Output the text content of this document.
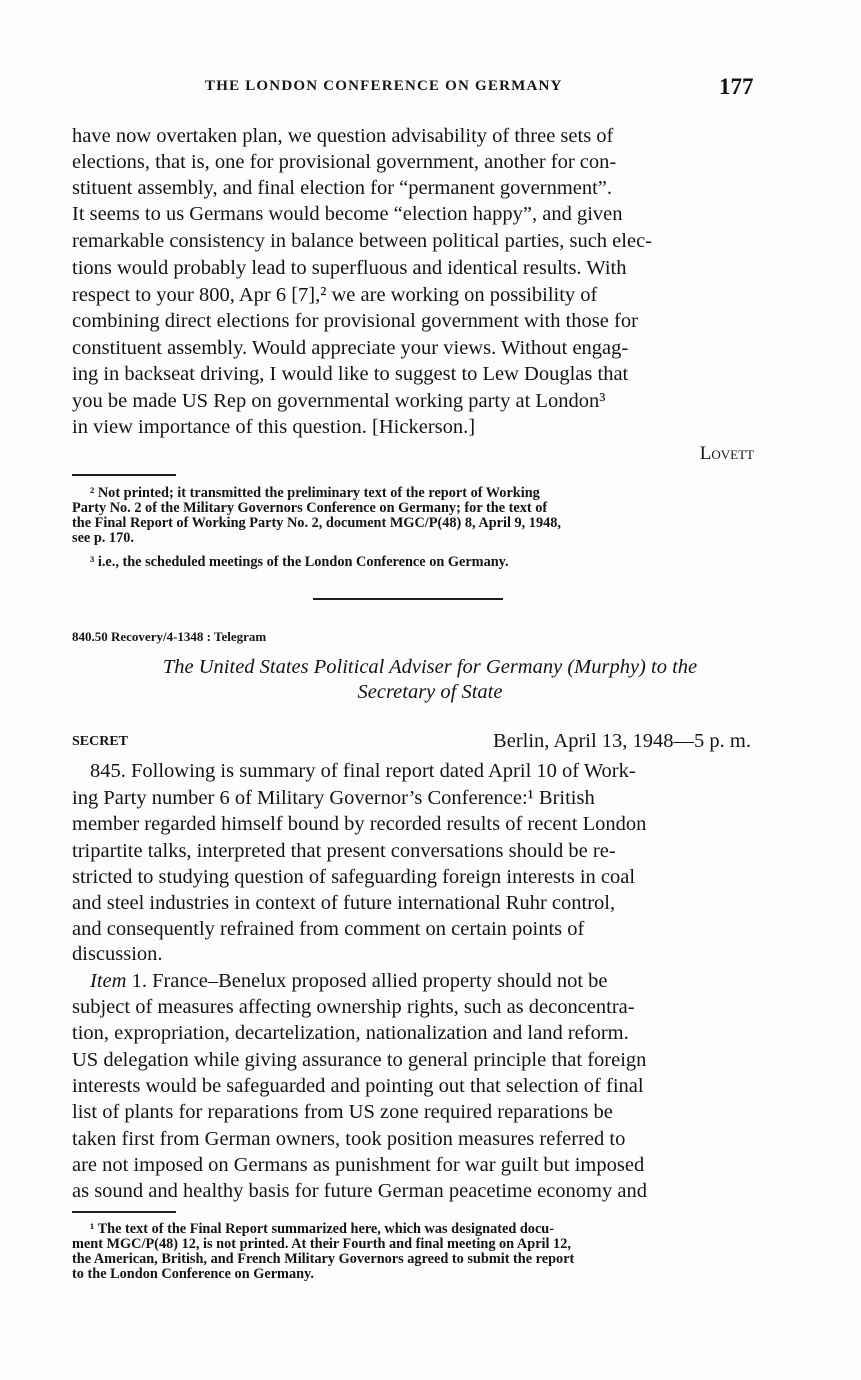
THE LONDON CONFERENCE ON GERMANY	177
have now overtaken plan, we question advisability of three sets of
elections, that is, one for provisional government, another for con-
stituent assembly, and final election for “permanent government”.
It seems to us Germans would become “election happy”, and given
remarkable consistency in balance between political parties, such elec-
tions would probably lead to superfluous and identical results. With
respect to your 800, Apr 6 [7],² we are working on possibility of
combining direct elections for provisional government with those for
constituent assembly. Would appreciate your views. Without engag-
ing in backseat driving, I would like to suggest to Lew Douglas that
you be made US Rep on governmental working party at London³
in view importance of this question. [Hickerson.]
Lovett
² Not printed; it transmitted the preliminary text of the report of Working
Party No. 2 of the Military Governors Conference on Germany; for the text of
the Final Report of Working Party No. 2, document MGC/P(48) 8, April 9, 1948,
see p. 170.
³ i.e., the scheduled meetings of the London Conference on Germany.
840.50 Recovery/4-1348 : Telegram
The United States Political Adviser for Germany (Murphy) to the
Secretary of State
SECRET	Berlin, April 13, 1948—5 p. m.
845. Following is summary of final report dated April 10 of Work-
ing Party number 6 of Military Governor’s Conference:¹ British
member regarded himself bound by recorded results of recent London
tripartite talks, interpreted that present conversations should be re-
stricted to studying question of safeguarding foreign interests in coal
and steel industries in context of future international Ruhr control,
and consequently refrained from comment on certain points of
discussion.
Item 1. France–Benelux proposed allied property should not be
subject of measures affecting ownership rights, such as deconcentra-
tion, expropriation, decartelization, nationalization and land reform.
US delegation while giving assurance to general principle that foreign
interests would be safeguarded and pointing out that selection of final
list of plants for reparations from US zone required reparations be
taken first from German owners, took position measures referred to
are not imposed on Germans as punishment for war guilt but imposed
as sound and healthy basis for future German peacetime economy and
¹ The text of the Final Report summarized here, which was designated docu-
ment MGC/P(48) 12, is not printed. At their Fourth and final meeting on April 12,
the American, British, and French Military Governors agreed to submit the report
to the London Conference on Germany.
